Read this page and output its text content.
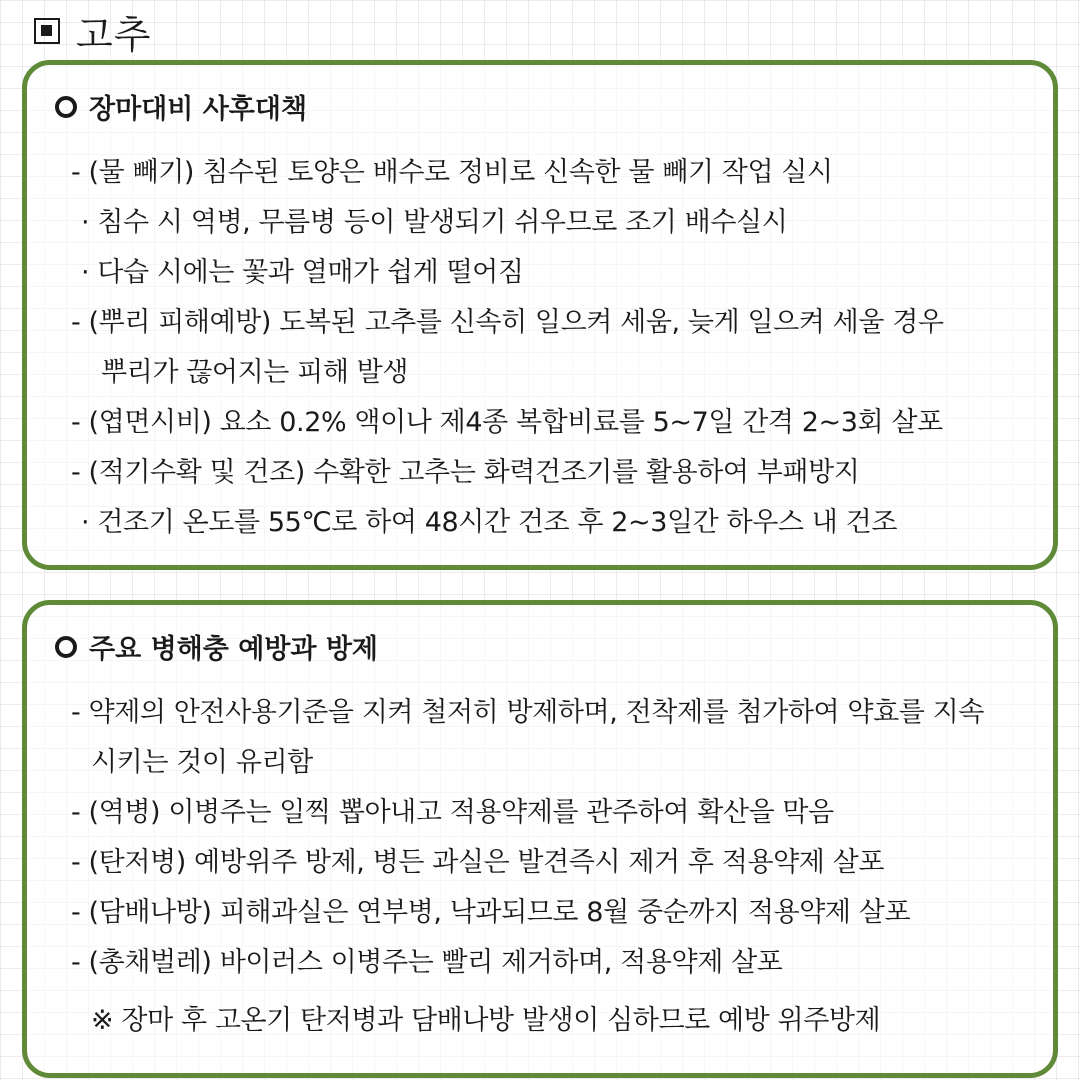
고추
장마대비 사후대책
- (물 빼기) 침수된 토양은 배수로 정비로 신속한 물 빼기 작업 실시
· 침수 시 역병, 무름병 등이 발생되기 쉬우므로 조기 배수실시
· 다습 시에는 꽃과 열매가 쉽게 떨어짐
- (뿌리 피해예방) 도복된 고추를 신속히 일으켜 세움, 늦게 일으켜 세울 경우
뿌리가 끊어지는 피해 발생
- (엽면시비) 요소 0.2% 액이나 제4종 복합비료를 5~7일 간격 2~3회 살포
- (적기수확 및 건조) 수확한 고추는 화력건조기를 활용하여 부패방지
· 건조기 온도를 55℃로 하여 48시간 건조 후 2~3일간 하우스 내 건조
주요 병해충 예방과 방제
- 약제의 안전사용기준을 지켜 철저히 방제하며, 전착제를 첨가하여 약효를 지속
시키는 것이 유리함
- (역병) 이병주는 일찍 뽑아내고 적용약제를 관주하여 확산을 막음
- (탄저병) 예방위주 방제, 병든 과실은 발견즉시 제거 후 적용약제 살포
- (담배나방) 피해과실은 연부병, 낙과되므로 8월 중순까지 적용약제 살포
- (총채벌레) 바이러스 이병주는 빨리 제거하며, 적용약제 살포
※ 장마 후 고온기 탄저병과 담배나방 발생이 심하므로 예방 위주방제
